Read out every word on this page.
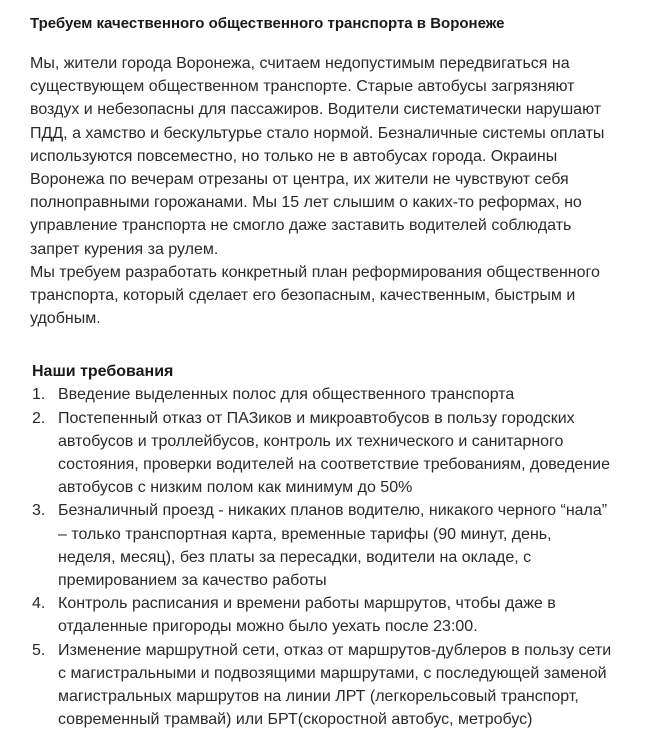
Требуем качественного общественного транспорта в Воронеже

Мы, жители города Воронежа, считаем недопустимым передвигаться на существующем общественном транспорте. Старые автобусы загрязняют воздух и небезопасны для пассажиров. Водители систематически нарушают ПДД, а хамство и бескультурье стало нормой. Безналичные системы оплаты используются повсеместно, но только не в автобусах города. Окраины Воронежа по вечерам отрезаны от центра, их жители не чувствуют себя полноправными горожанами. Мы 15 лет слышим о каких-то реформах, но управление транспорта не смогло даже заставить водителей соблюдать запрет курения за рулем.

Мы требуем разработать конкретный план реформирования общественного транспорта, который сделает его безопасным, качественным, быстрым и удобным.

Наши требования
1. Введение выделенных полос для общественного транспорта
2. Постепенный отказ от ПАЗиков и микроавтобусов в пользу городских автобусов и троллейбусов, контроль их технического и санитарного состояния, проверки водителей на соответствие требованиям, доведение автобусов с низким полом как минимум до 50%
3. Безналичный проезд - никаких планов водителю, никакого черного “нала” – только транспортная карта, временные тарифы (90 минут, день, неделя, месяц), без платы за пересадки, водители на окладе, с премированием за качество работы
4. Контроль расписания и времени работы маршрутов, чтобы даже в отдаленные пригороды можно было уехать после 23:00.
5. Изменение маршрутной сети, отказ от маршрутов-дублеров в пользу сети с магистральными и подвозящими маршрутами, с последующей заменой магистральных маршрутов на линии ЛРТ (легкорельсовый транспорт, современный трамвай) или БРТ(скоростной автобус, метробус)
